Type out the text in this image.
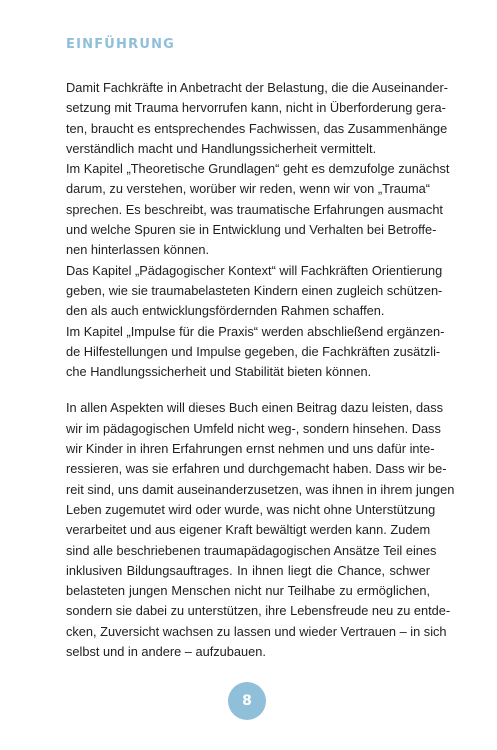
EINFÜHRUNG
Damit Fachkräfte in Anbetracht der Belastung, die die Auseinander-
setzung mit Trauma hervorrufen kann, nicht in Überforderung gera-
ten, braucht es entsprechendes Fachwissen, das Zusammenhänge
verständlich macht und Handlungssicherheit vermittelt.
Im Kapitel „Theoretische Grundlagen“ geht es demzufolge zunächst
darum, zu verstehen, worüber wir reden, wenn wir von „Trauma“
sprechen. Es beschreibt, was traumatische Erfahrungen ausmacht
und welche Spuren sie in Entwicklung und Verhalten bei Betroffe-
nen hinterlassen können.
Das Kapitel „Pädagogischer Kontext“ will Fachkräften Orientierung
geben, wie sie traumabelasteten Kindern einen zugleich schützen-
den als auch entwicklungsfördernden Rahmen schaffen.
Im Kapitel „Impulse für die Praxis“ werden abschließend ergänzen-
de Hilfestellungen und Impulse gegeben, die Fachkräften zusätzli-
che Handlungssicherheit und Stabilität bieten können.
In allen Aspekten will dieses Buch einen Beitrag dazu leisten, dass
wir im pädagogischen Umfeld nicht weg-, sondern hinsehen. Dass
wir Kinder in ihren Erfahrungen ernst nehmen und uns dafür inte-
ressieren, was sie erfahren und durchgemacht haben. Dass wir be-
reit sind, uns damit auseinanderzusetzen, was ihnen in ihrem jungen
Leben zugemutet wird oder wurde, was nicht ohne Unterstützung
verarbeitet und aus eigener Kraft bewältigt werden kann. Zudem
sind alle beschriebenen traumapädagogischen Ansätze Teil eines
inklusiven Bildungsauftrages. In ihnen liegt die Chance, schwer
belasteten jungen Menschen nicht nur Teilhabe zu ermöglichen,
sondern sie dabei zu unterstützen, ihre Lebensfreude neu zu entde-
cken, Zuversicht wachsen zu lassen und wieder Vertrauen – in sich
selbst und in andere – aufzubauen.
8
